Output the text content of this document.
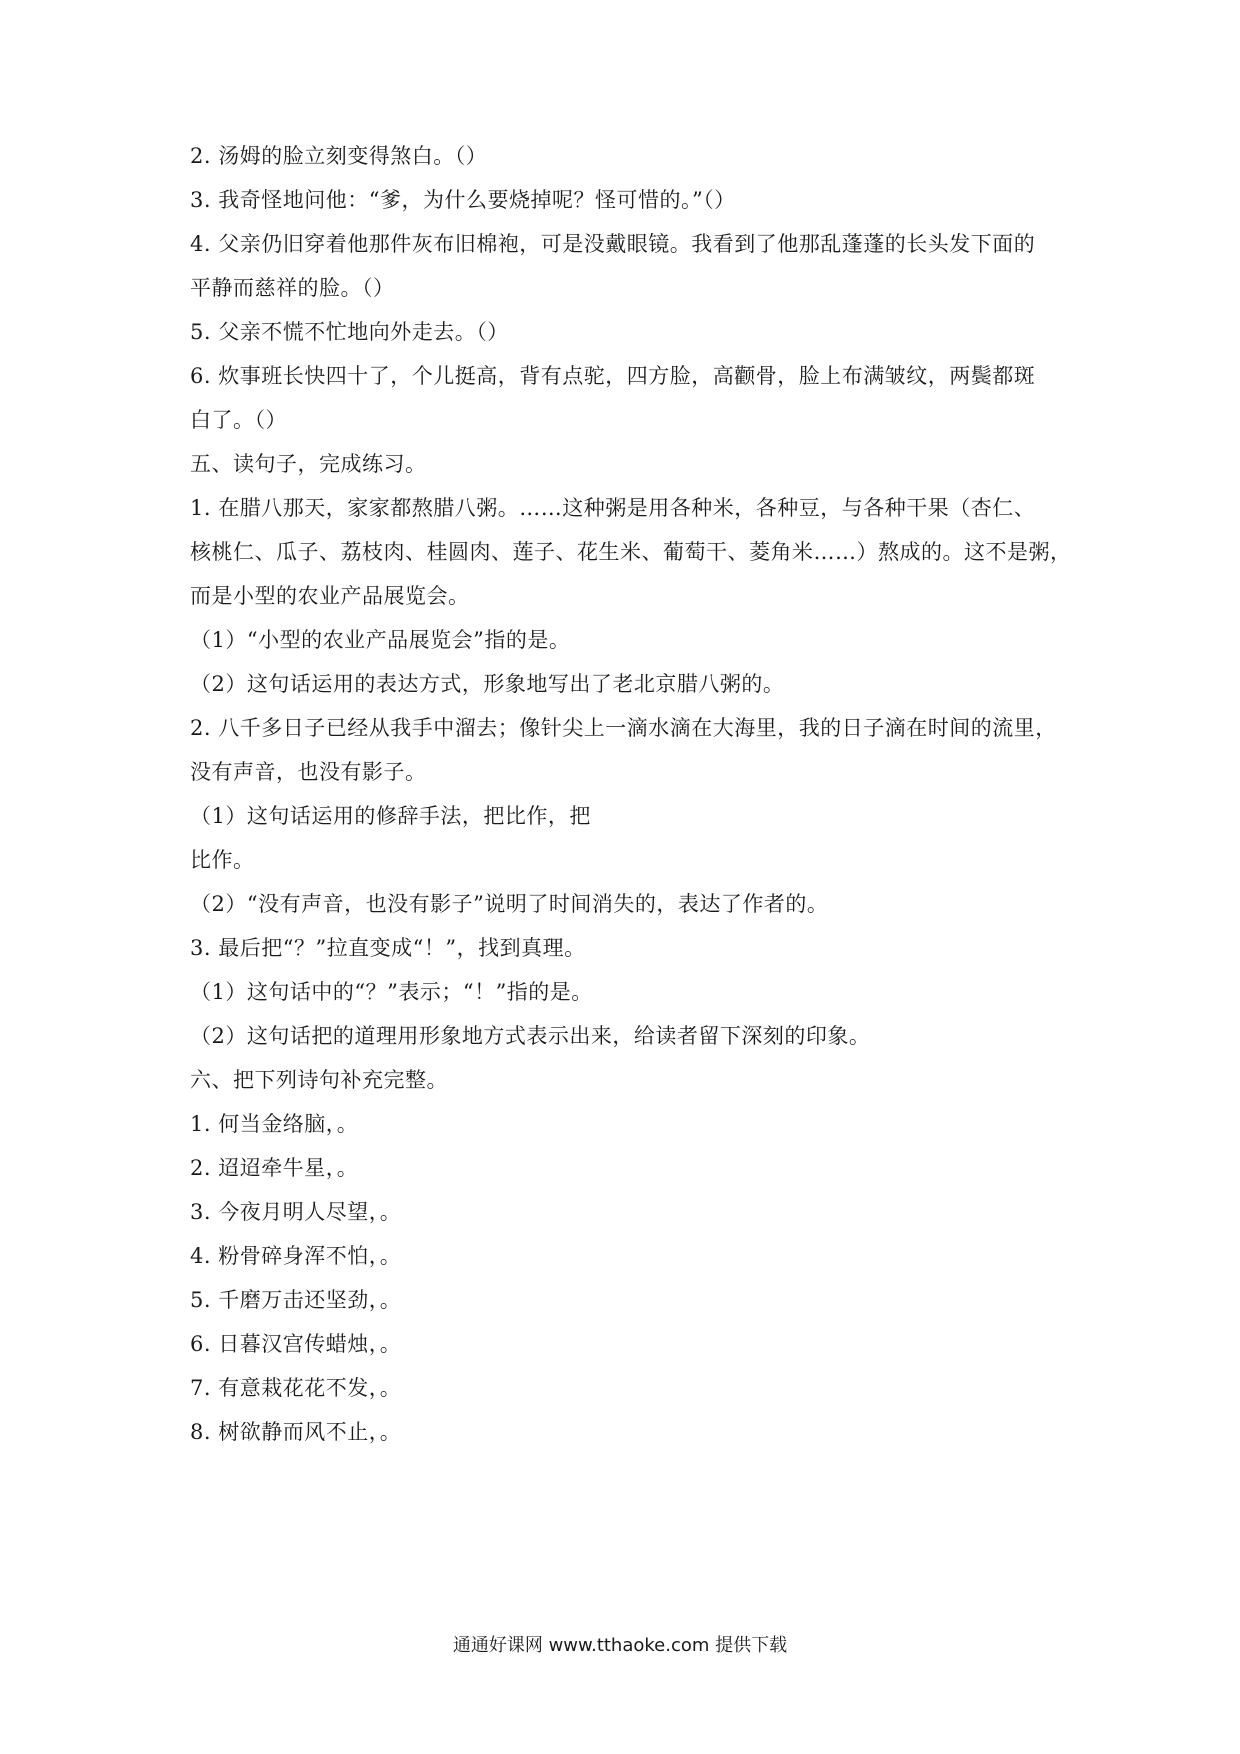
2. 汤姆的脸立刻变得煞白。（）
3. 我奇怪地问他：“爹，为什么要烧掉呢？怪可惜的。”（）
4. 父亲仍旧穿着他那件灰布旧棉袍，可是没戴眼镜。我看到了他那乱蓬蓬的长头发下面的
平静而慈祥的脸。（）
5. 父亲不慌不忙地向外走去。（）
6. 炊事班长快四十了，个儿挺高，背有点驼，四方脸，高颧骨，脸上布满皱纹，两鬓都斑
白了。（）
五、读句子，完成练习。
1. 在腊八那天，家家都熬腊八粥。……这种粥是用各种米，各种豆，与各种干果（杏仁、
核桃仁、瓜子、荔枝肉、桂圆肉、莲子、花生米、葡萄干、菱角米……）熬成的。这不是粥，
而是小型的农业产品展览会。
（1）“小型的农业产品展览会”指的是。
（2）这句话运用的表达方式，形象地写出了老北京腊八粥的。
2. 八千多日子已经从我手中溜去；像针尖上一滴水滴在大海里，我的日子滴在时间的流里，
没有声音，也没有影子。
（1）这句话运用的修辞手法，把比作，把
比作。
（2）“没有声音，也没有影子”说明了时间消失的，表达了作者的。
3. 最后把“？”拉直变成“！”，找到真理。
（1）这句话中的“？”表示；“！”指的是。
（2）这句话把的道理用形象地方式表示出来，给读者留下深刻的印象。
六、把下列诗句补充完整。
1. 何当金络脑，。
2. 迢迢牵牛星，。
3. 今夜月明人尽望，。
4. 粉骨碎身浑不怕，。
5. 千磨万击还坚劲，。
6. 日暮汉宫传蜡烛，。
7. 有意栽花花不发，。
8. 树欲静而风不止，。
通通好课网 www.tthaoke.com 提供下载
